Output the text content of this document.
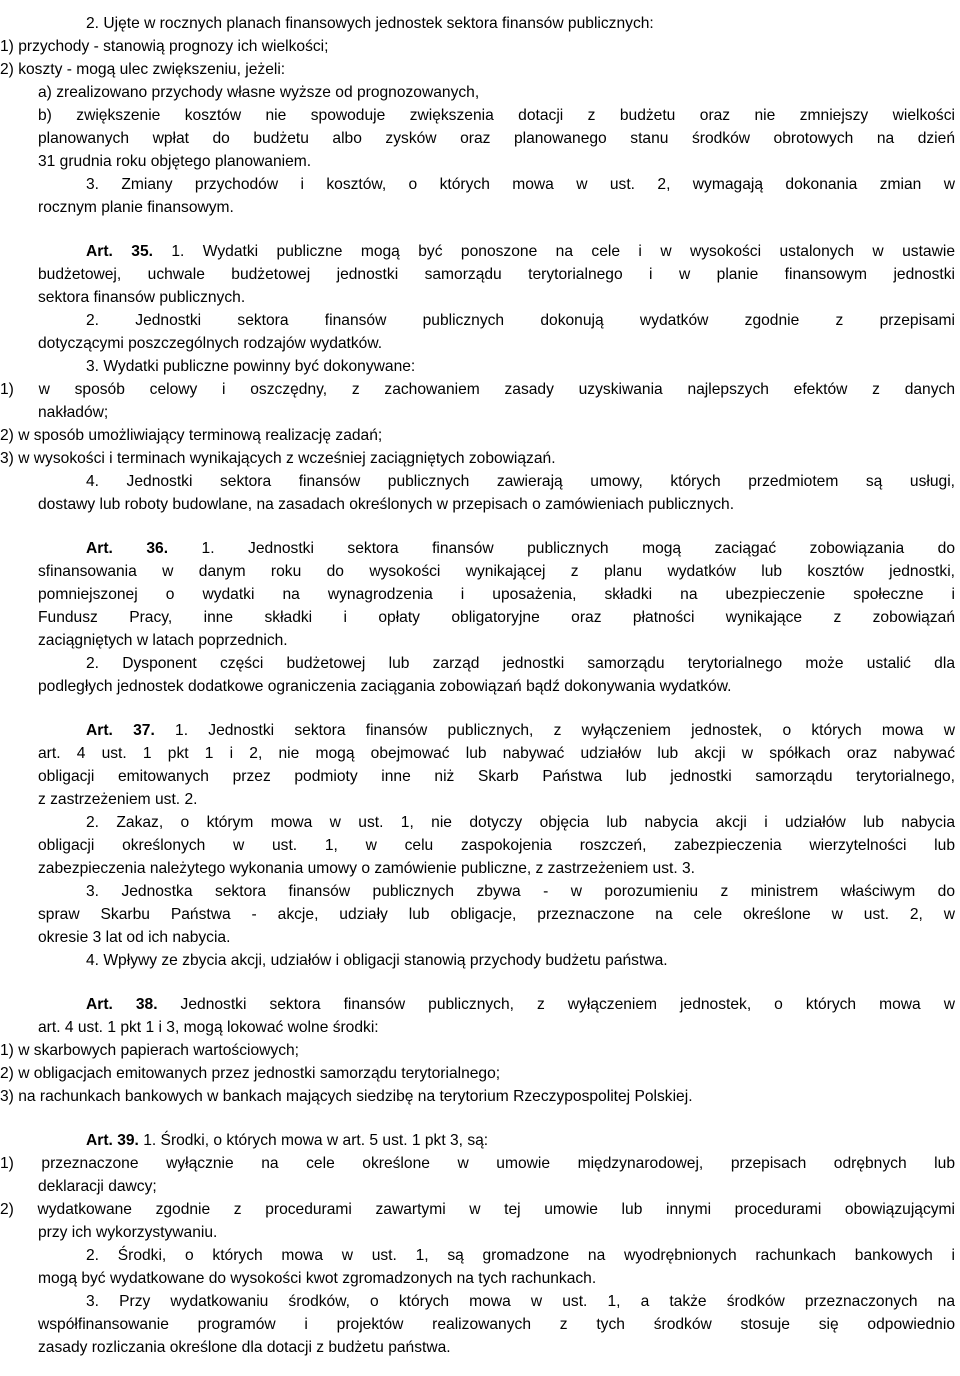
2. Ujęte w rocznych planach finansowych jednostek sektora finansów publicznych:
1) przychody - stanowią prognozy ich wielkości;
2) koszty - mogą ulec zwiększeniu, jeżeli:
a) zrealizowano przychody własne wyższe od prognozowanych,
b) zwiększenie kosztów nie spowoduje zwiększenia dotacji z budżetu oraz nie zmniejszy wielkości
planowanych wpłat do budżetu albo zysków oraz planowanego stanu środków obrotowych na dzień
31 grudnia roku objętego planowaniem.
3. Zmiany przychodów i kosztów, o których mowa w ust. 2, wymagają dokonania zmian w
rocznym planie finansowym.
Art. 35. 1. Wydatki publiczne mogą być ponoszone na cele i w wysokości ustalonych w ustawie
budżetowej, uchwale budżetowej jednostki samorządu terytorialnego i w planie finansowym jednostki
sektora finansów publicznych.
2. Jednostki sektora finansów publicznych dokonują wydatków zgodnie z przepisami
dotyczącymi poszczególnych rodzajów wydatków.
3. Wydatki publiczne powinny być dokonywane:
1) w sposób celowy i oszczędny, z zachowaniem zasady uzyskiwania najlepszych efektów z danych
nakładów;
2) w sposób umożliwiający terminową realizację zadań;
3) w wysokości i terminach wynikających z wcześniej zaciągniętych zobowiązań.
4. Jednostki sektora finansów publicznych zawierają umowy, których przedmiotem są usługi,
dostawy lub roboty budowlane, na zasadach określonych w przepisach o zamówieniach publicznych.
Art. 36. 1. Jednostki sektora finansów publicznych mogą zaciągać zobowiązania do
sfinansowania w danym roku do wysokości wynikającej z planu wydatków lub kosztów jednostki,
pomniejszonej o wydatki na wynagrodzenia i uposażenia, składki na ubezpieczenie społeczne i
Fundusz Pracy, inne składki i opłaty obligatoryjne oraz płatności wynikające z zobowiązań
zaciągniętych w latach poprzednich.
2. Dysponent części budżetowej lub zarząd jednostki samorządu terytorialnego może ustalić dla
podległych jednostek dodatkowe ograniczenia zaciągania zobowiązań bądź dokonywania wydatków.
Art. 37. 1. Jednostki sektora finansów publicznych, z wyłączeniem jednostek, o których mowa w
art. 4 ust. 1 pkt 1 i 2, nie mogą obejmować lub nabywać udziałów lub akcji w spółkach oraz nabywać
obligacji emitowanych przez podmioty inne niż Skarb Państwa lub jednostki samorządu terytorialnego,
z zastrzeżeniem ust. 2.
2. Zakaz, o którym mowa w ust. 1, nie dotyczy objęcia lub nabycia akcji i udziałów lub nabycia
obligacji określonych w ust. 1, w celu zaspokojenia roszczeń, zabezpieczenia wierzytelności lub
zabezpieczenia należytego wykonania umowy o zamówienie publiczne, z zastrzeżeniem ust. 3.
3. Jednostka sektora finansów publicznych zbywa - w porozumieniu z ministrem właściwym do
spraw Skarbu Państwa - akcje, udziały lub obligacje, przeznaczone na cele określone w ust. 2, w
okresie 3 lat od ich nabycia.
4. Wpływy ze zbycia akcji, udziałów i obligacji stanowią przychody budżetu państwa.
Art. 38. Jednostki sektora finansów publicznych, z wyłączeniem jednostek, o których mowa w
art. 4 ust. 1 pkt 1 i 3, mogą lokować wolne środki:
1) w skarbowych papierach wartościowych;
2) w obligacjach emitowanych przez jednostki samorządu terytorialnego;
3) na rachunkach bankowych w bankach mających siedzibę na terytorium Rzeczypospolitej Polskiej.
Art. 39. 1. Środki, o których mowa w art. 5 ust. 1 pkt 3, są:
1) przeznaczone wyłącznie na cele określone w umowie międzynarodowej, przepisach odrębnych lub
deklaracji dawcy;
2) wydatkowane zgodnie z procedurami zawartymi w tej umowie lub innymi procedurami obowiązującymi
przy ich wykorzystywaniu.
2. Środki, o których mowa w ust. 1, są gromadzone na wyodrębnionych rachunkach bankowych i
mogą być wydatkowane do wysokości kwot zgromadzonych na tych rachunkach.
3. Przy wydatkowaniu środków, o których mowa w ust. 1, a także środków przeznaczonych na
współfinansowanie programów i projektów realizowanych z tych środków stosuje się odpowiednio
zasady rozliczania określone dla dotacji z budżetu państwa.
